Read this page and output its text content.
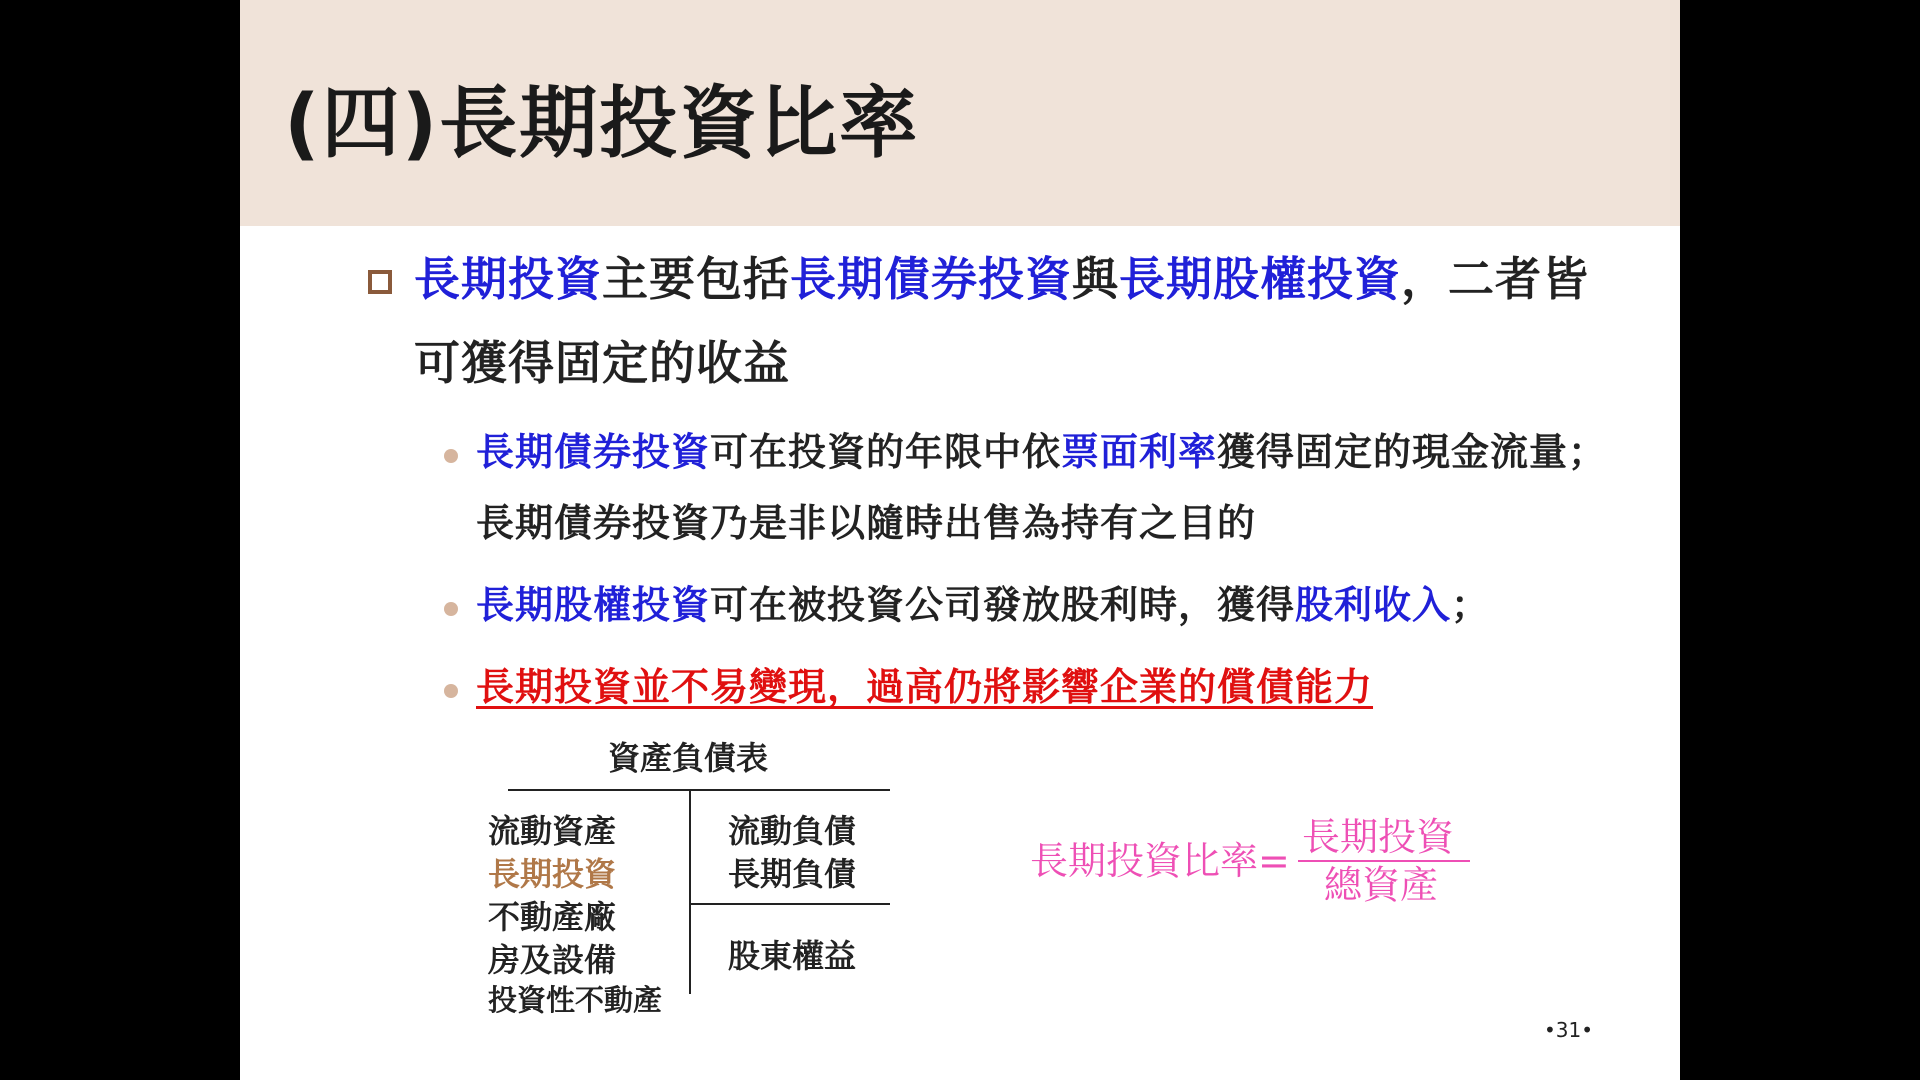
(四)長期投資比率
長期投資主要包括長期債券投資與長期股權投資，二者皆
可獲得固定的收益
長期債券投資可在投資的年限中依票面利率獲得固定的現金流量；
長期債券投資乃是非以隨時出售為持有之目的
長期股權投資可在被投資公司發放股利時，獲得股利收入；
長期投資並不易變現，過高仍將影響企業的償債能力
資產負債表
流動資產
長期投資
不動產廠
房及設備
投資性不動產
流動負債
長期負債
股東權益
長期投資比率=
長期投資
總資產
•31•
